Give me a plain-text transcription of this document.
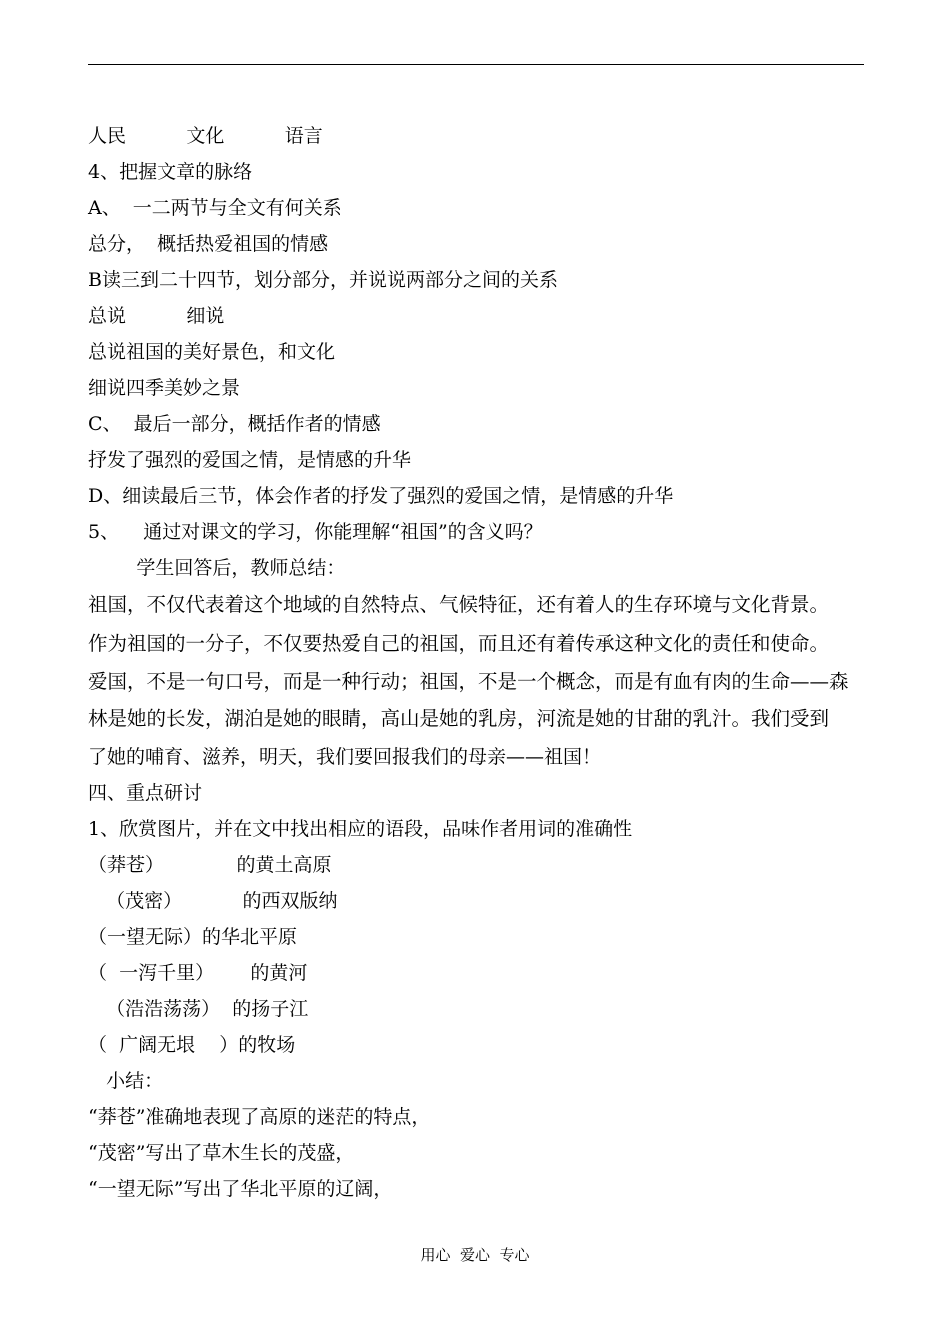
人民          文化          语言
4、把握文章的脉络
A、  一二两节与全文有何关系
总分，  概括热爱祖国的情感
B读三到二十四节，划分部分，并说说两部分之间的关系
总说          细说
总说祖国的美好景色，和文化
细说四季美妙之景
C、  最后一部分，概括作者的情感
抒发了强烈的爱国之情，是情感的升华
D、细读最后三节，体会作者的抒发了强烈的爱国之情，是情感的升华
5、    通过对课文的学习，你能理解“祖国”的含义吗？
学生回答后，教师总结：
祖国，不仅代表着这个地域的自然特点、气候特征，还有着人的生存环境与文化背景。
作为祖国的一分子，不仅要热爱自己的祖国，而且还有着传承这种文化的责任和使命。
爱国，不是一句口号，而是一种行动；祖国，不是一个概念，而是有血有肉的生命——森
林是她的长发，湖泊是她的眼睛，高山是她的乳房，河流是她的甘甜的乳汁。我们受到
了她的哺育、滋养，明天，我们要回报我们的母亲——祖国！
四、重点研讨
1、欣赏图片，并在文中找出相应的语段，品味作者用词的准确性
（莽苍）            的黄土高原
（茂密）          的西双版纳
（一望无际）的华北平原
（  一泻千里）      的黄河
（浩浩荡荡）  的扬子江
（  广阔无垠    ）的牧场
小结：
“莽苍”准确地表现了高原的迷茫的特点，
“茂密”写出了草木生长的茂盛，
“一望无际”写出了华北平原的辽阔，
用心  爱心  专心
